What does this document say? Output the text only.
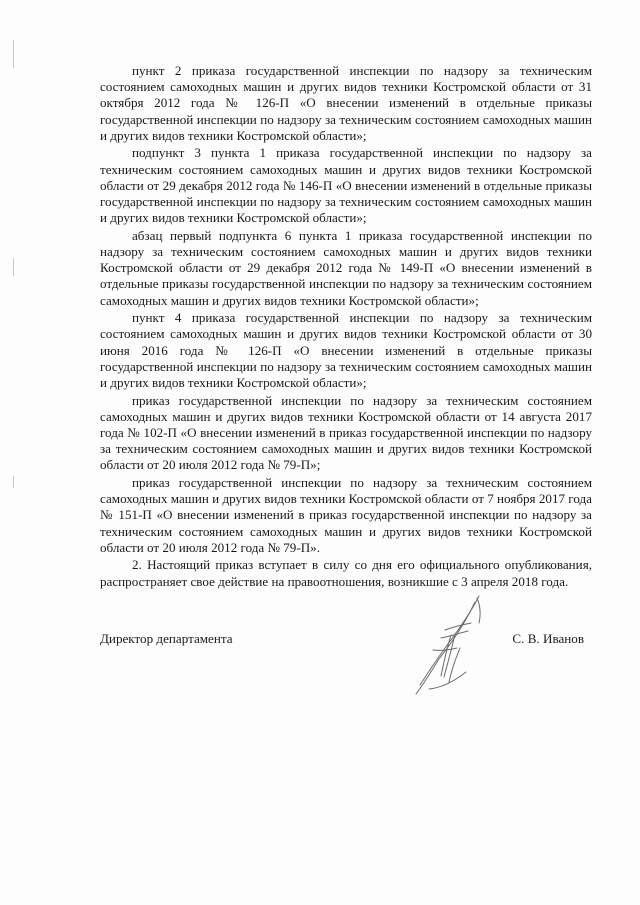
пункт 2 приказа государственной инспекции по надзору за техническим состоянием самоходных машин и других видов техники Костромской области от 31 октября 2012 года № 126-П «О внесении изменений в отдельные приказы государственной инспекции по надзору за техническим состоянием самоходных машин и других видов техники Костромской области»;

подпункт 3 пункта 1 приказа государственной инспекции по надзору за техническим состоянием самоходных машин и других видов техники Костромской области от 29 декабря 2012 года № 146-П «О внесении изменений в отдельные приказы государственной инспекции по надзору за техническим состоянием самоходных машин и других видов техники Костромской области»;

абзац первый подпункта 6 пункта 1 приказа государственной инспекции по надзору за техническим состоянием самоходных машин и других видов техники Костромской области от 29 декабря 2012 года № 149-П «О внесении изменений в отдельные приказы государственной инспекции по надзору за техническим состоянием самоходных машин и других видов техники Костромской области»;

пункт 4 приказа государственной инспекции по надзору за техническим состоянием самоходных машин и других видов техники Костромской области от 30 июня 2016 года № 126-П «О внесении изменений в отдельные приказы государственной инспекции по надзору за техническим состоянием самоходных машин и других видов техники Костромской области»;

приказ государственной инспекции по надзору за техническим состоянием самоходных машин и других видов техники Костромской области от 14 августа 2017 года № 102-П «О внесении изменений в приказ государственной инспекции по надзору за техническим состоянием самоходных машин и других видов техники Костромской области от 20 июля 2012 года № 79-П»;

приказ государственной инспекции по надзору за техническим состоянием самоходных машин и других видов техники Костромской области от 7 ноября 2017 года № 151-П «О внесении изменений в приказ государственной инспекции по надзору за техническим состоянием самоходных машин и других видов техники Костромской области от 20 июля 2012 года № 79-П».

2. Настоящий приказ вступает в силу со дня его официального опубликования, распространяет свое действие на правоотношения, возникшие с 3 апреля 2018 года.

Директор департамента	С. В. Иванов
